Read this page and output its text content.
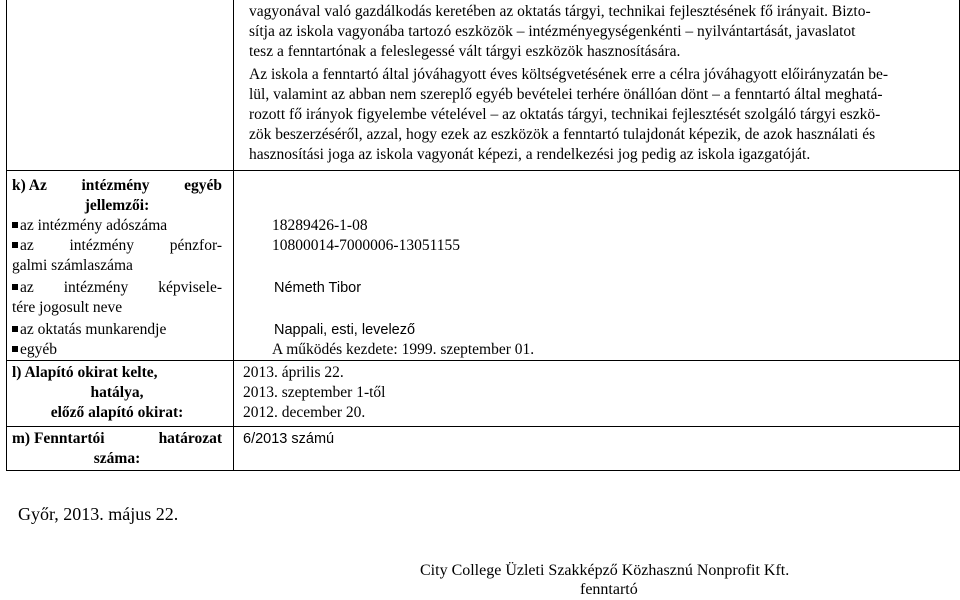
vagyonával való gazdálkodás keretében az oktatás tárgyi, technikai fejlesztésének fő irányait. Bizto-
sítja az iskola vagyonába tartozó eszközök – intézményegységenkénti – nyilvántartását, javaslatot
tesz a fenntartónak a feleslegessé vált tárgyi eszközök hasznosítására.
Az iskola a fenntartó által jóváhagyott éves költségvetésének erre a célra jóváhagyott előirányzatán be-
lül, valamint az abban nem szereplő egyéb bevételei terhére önállóan dönt – a fenntartó által meghatá-
rozott fő irányok figyelembe vételével – az oktatás tárgyi, technikai fejlesztését szolgáló tárgyi eszkö-
zök beszerzéséről, azzal, hogy ezek az eszközök a fenntartó tulajdonát képezik, de azok használati és
hasznosítási joga az iskola vagyonát képezi, a rendelkezési jog pedig az iskola igazgatóját.
k) Az intézmény egyéb
jellemzői:
az intézmény adószáma
az intézmény pénzfor-
galmi számlaszáma
az intézmény képvisele-
tére jogosult neve
az oktatás munkarendje
egyéb
18289426-1-08
10800014-7000006-13051155
Németh Tibor
Nappali, esti, levelező
A működés kezdete: 1999. szeptember 01.
l) Alapító okirat kelte,
hatálya,
előző alapító okirat:
2013. április 22.
2013. szeptember 1-től
2012. december 20.
m) Fenntartói	határozat
száma:
6/2013 számú
Győr, 2013. május 22.
City College Üzleti Szakképző Közhasznú Nonprofit Kft.
fenntartó
